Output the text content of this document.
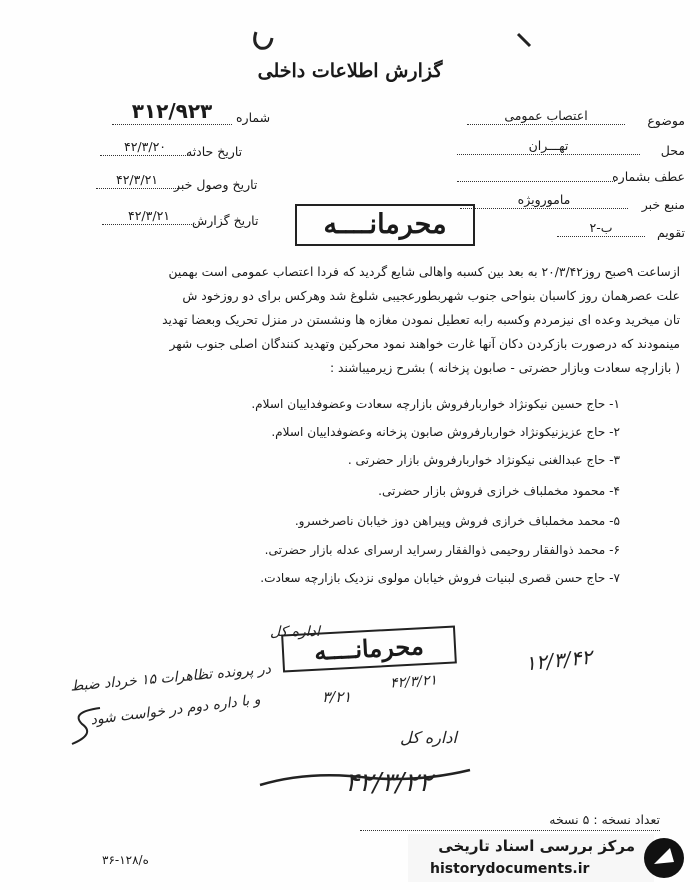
گزارش اطلاعات داخلی
موضوع
اعتصاب عمومی
محل
تهـــران
عطف بشماره
منبع خبر
مامورویژه
تقویم
ب-۲
شماره
۳۱۲/۹۲۳
تاریخ حادثه
۴۲/۳/۲۰
تاریخ وصول خبر
۴۲/۳/۲۱
تاریخ گزارش
۴۲/۳/۲۱	محرمانــــه
ازساعت ۹صبح روز۲۰/۳/۴۲ به بعد بین کسبه واهالی شایع گردید که فردا اعتصاب عمومی است بهمین
علت عصرهمان روز کاسبان بنواحی جنوب شهربطورعجیبی شلوغ شد وهرکس برای دو روزخود ش
تان میخرید وعده ای نیزمردم وکسبه رابه تعطیل نمودن مغازه ها ونشستن در منزل تحریک وبعضا تهدید
مینمودند که درصورت بازکردن دکان آنها غارت خواهند نمود محرکین وتهدید کنندگان اصلی جنوب شهر
( بازارچه سعادت وبازار حضرتی - صابون پزخانه ) بشرح زیرمیباشند :
۱- حاج حسین نیکونژاد خواربارفروش بازارچه سعادت وعضوفداییان اسلام.
۲- حاج عزیزنیکونژاد خواربارفروش صابون پزخانه وعضوفداییان اسلام.
۳- حاج عبدالغنی نیکونژاد خواربارفروش بازار حضرتی .
۴- محمود مخملباف خرازی فروش بازار حضرتی.
۵- محمد مخملباف خرازی فروش وپیراهن دوز خیابان ناصرخسرو.
۶- محمد ذوالفقار روحیمی ذوالفقار رسراید ارسرای عدله بازار حضرتی.
۷- حاج حسن قصری لبنیات فروش خیابان مولوی نزدیک بازارچه سعادت.
اداره کل
محرمانــــه
۴۲/۳/۲۱
۳/۲۱
۱۲/۳/۴۲
در پرونده تظاهرات ۱۵ خرداد ضبط
و با داره دوم در خواست شود
اداره کل
۴۲/۳/۲۲
تعداد نسخه : ۵ نسخه
۳۶-۱۲۸/ه
مرکز بررسی اسناد تاریخی
historydocuments.ir
